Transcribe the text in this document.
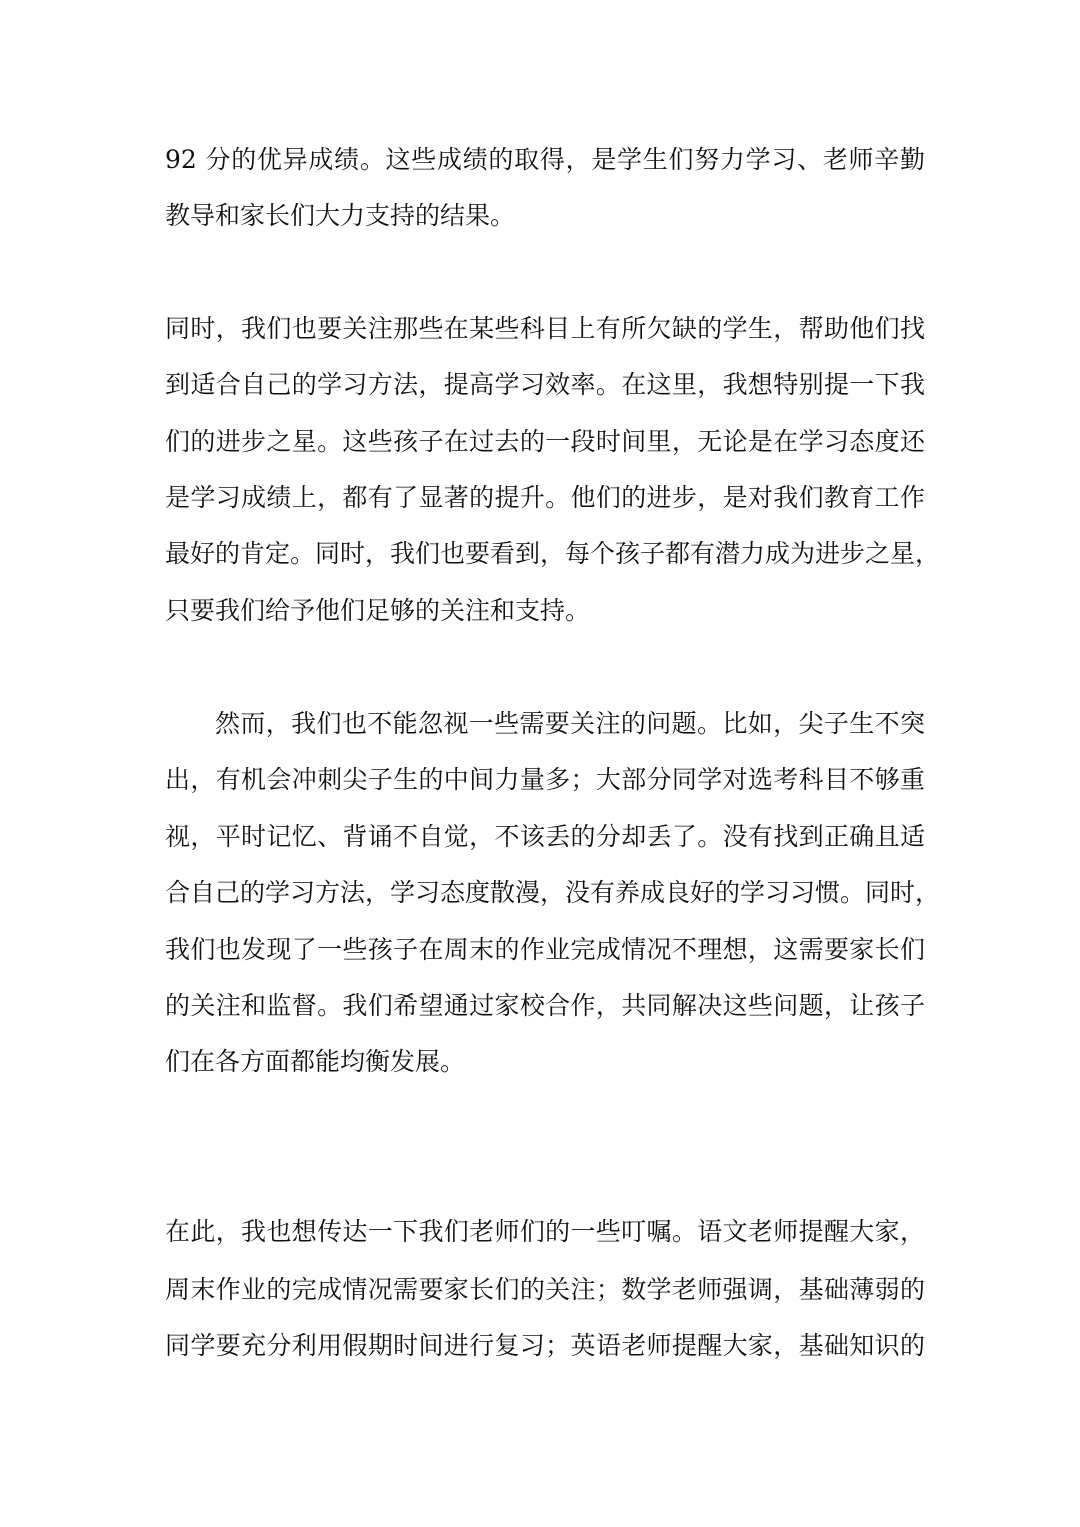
92 分的优异成绩。这些成绩的取得，是学生们努力学习、老师辛勤
教导和家长们大力支持的结果。
同时，我们也要关注那些在某些科目上有所欠缺的学生，帮助他们找
到适合自己的学习方法，提高学习效率。在这里，我想特别提一下我
们的进步之星。这些孩子在过去的一段时间里，无论是在学习态度还
是学习成绩上，都有了显著的提升。他们的进步，是对我们教育工作
最好的肯定。同时，我们也要看到，每个孩子都有潜力成为进步之星，
只要我们给予他们足够的关注和支持。
然而，我们也不能忽视一些需要关注的问题。比如，尖子生不突
出，有机会冲刺尖子生的中间力量多；大部分同学对选考科目不够重
视，平时记忆、背诵不自觉，不该丢的分却丢了。没有找到正确且适
合自己的学习方法，学习态度散漫，没有养成良好的学习习惯。同时，
我们也发现了一些孩子在周末的作业完成情况不理想，这需要家长们
的关注和监督。我们希望通过家校合作，共同解决这些问题，让孩子
们在各方面都能均衡发展。
在此，我也想传达一下我们老师们的一些叮嘱。语文老师提醒大家，
周末作业的完成情况需要家长们的关注；数学老师强调，基础薄弱的
同学要充分利用假期时间进行复习；英语老师提醒大家，基础知识的
